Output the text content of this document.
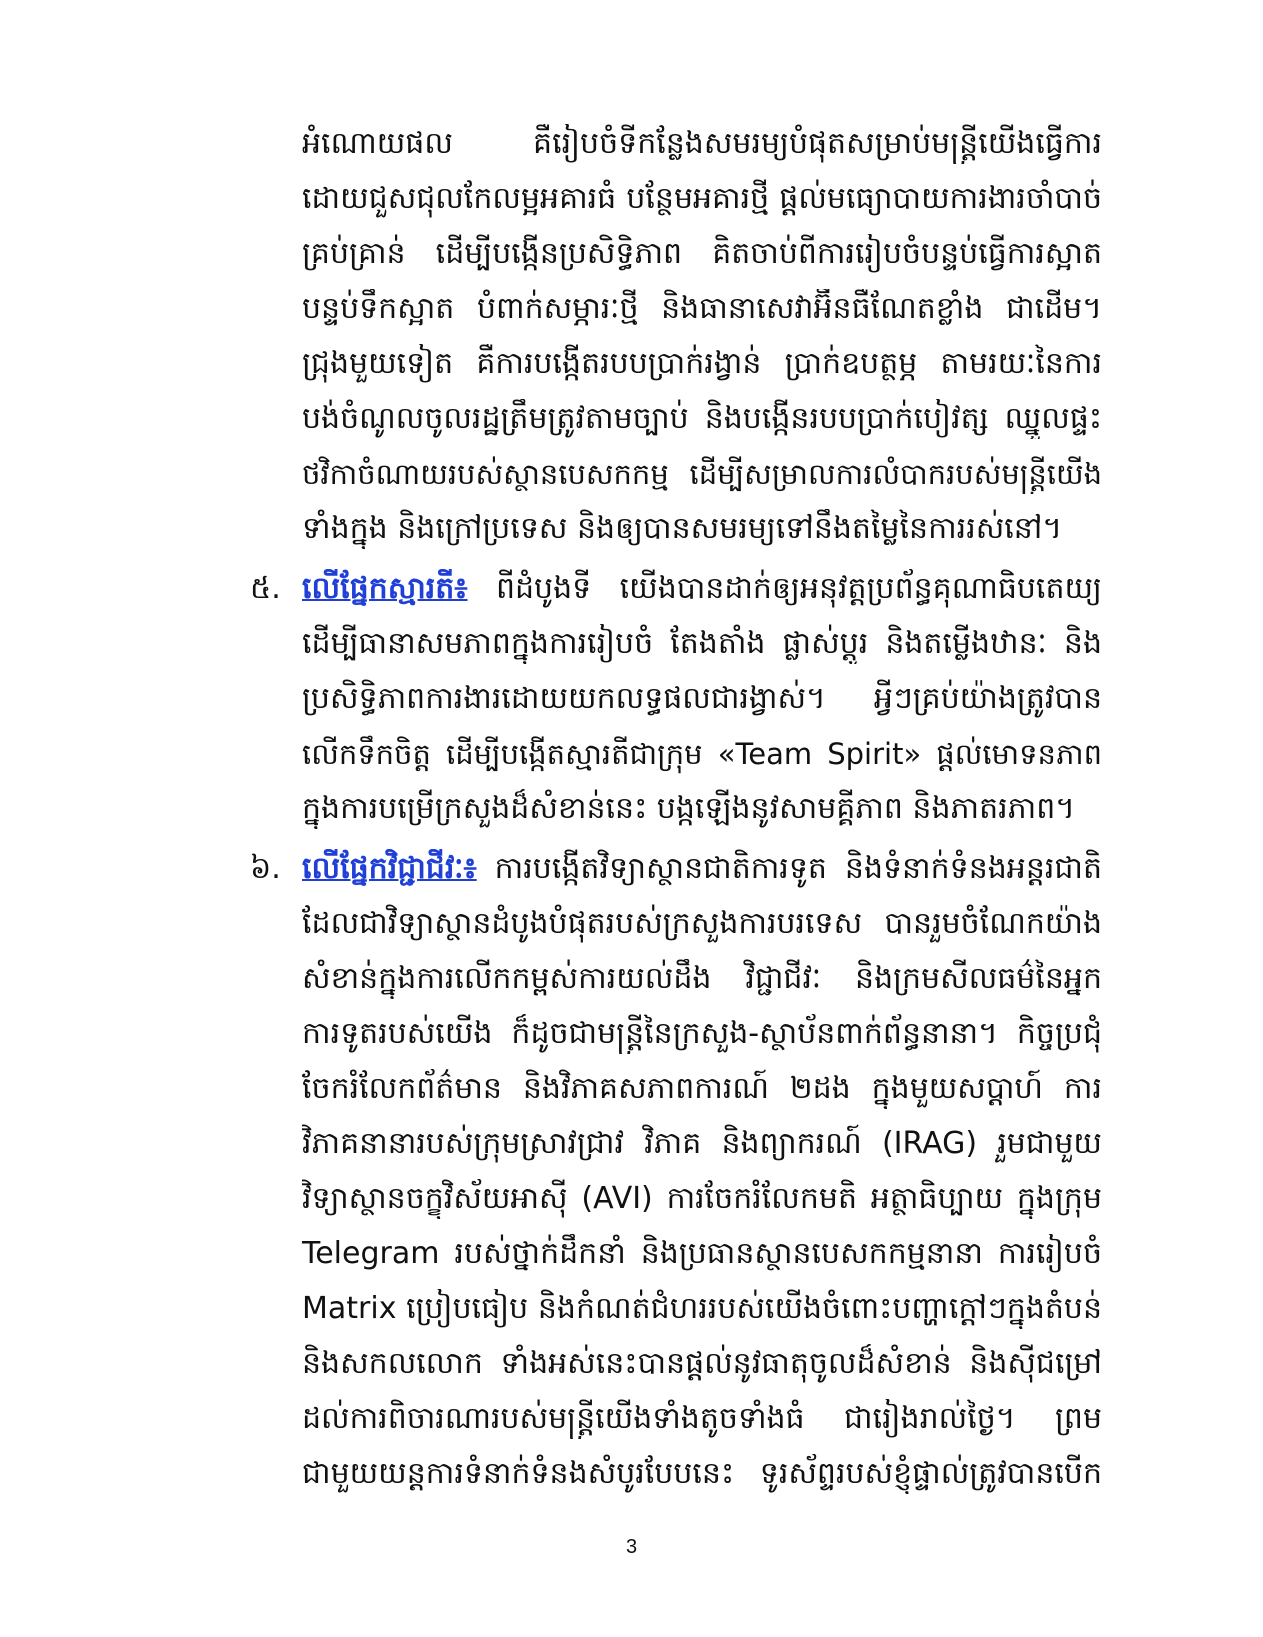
អំណោយផល គឺរៀបចំទីកន្លែងសមរម្យបំផុតសម្រាប់មន្ត្រីយើងធ្វើការ
ដោយជួសជុលកែលម្អអគារធំ បន្ថែមអគារថ្មី ផ្ដល់មធ្យោបាយការងារចាំបាច់
គ្រប់គ្រាន់ ដើម្បីបង្កើនប្រសិទ្ធិភាព គិតចាប់ពីការរៀបចំបន្ទប់ធ្វើការស្អាត
បន្ទប់ទឹកស្អាត បំពាក់សម្ភារៈថ្មី និងធានាសេវាអ៊ីនធឺណែតខ្លាំង ជាដើម។
ជ្រុងមួយទៀត គឺការបង្កើតរបបប្រាក់រង្វាន់ ប្រាក់ឧបត្ថម្ភ តាមរយៈនៃការ
បង់ចំណូលចូលរដ្ឋត្រឹមត្រូវតាមច្បាប់ និងបង្កើនរបបប្រាក់បៀវត្ស ឈ្នួលផ្ទះ
ថវិកាចំណាយរបស់ស្ថានបេសកកម្ម ដើម្បីសម្រាលការលំបាករបស់មន្ត្រីយើង
ទាំងក្នុង និងក្រៅប្រទេស និងឲ្យបានសមរម្យទៅនឹងតម្លៃនៃការរស់នៅ។
៥. លើផ្នែកស្មារតី៖ ពីដំបូងទី យើងបានដាក់ឲ្យអនុវត្តប្រព័ន្ធគុណាធិបតេយ្យ
ដើម្បីធានាសមភាពក្នុងការរៀបចំ តែងតាំង ផ្លាស់ប្ដូរ និងតម្លើងឋានៈ និង
ប្រសិទ្ធិភាពការងារដោយយកលទ្ធផលជារង្វាស់។ អ្វីៗគ្រប់យ៉ាងត្រូវបាន
លើកទឹកចិត្ត ដើម្បីបង្កើតស្មារតីជាក្រុម «Team Spirit» ផ្ដល់មោទនភាព
ក្នុងការបម្រើក្រសួងដ៏សំខាន់នេះ បង្កឡើងនូវសាមគ្គីភាព និងភាតរភាព។
៦. លើផ្នែកវិជ្ជាជីវៈ៖ ការបង្កើតវិទ្យាស្ថានជាតិការទូត និងទំនាក់ទំនងអន្តរជាតិ
ដែលជាវិទ្យាស្ថានដំបូងបំផុតរបស់ក្រសួងការបរទេស បានរួមចំណែកយ៉ាង
សំខាន់ក្នុងការលើកកម្ពស់ការយល់ដឹង វិជ្ជាជីវៈ និងក្រមសីលធម៌នៃអ្នក
ការទូតរបស់យើង ក៏ដូចជាមន្ត្រីនៃក្រសួង-ស្ថាប័នពាក់ព័ន្ធនានា។ កិច្ចប្រជុំ
ចែករំលែកព័ត៌មាន និងវិភាគសភាពការណ៍ ២ដង ក្នុងមួយសប្ដាហ៍ ការ
វិភាគនានារបស់ក្រុមស្រាវជ្រាវ វិភាគ និងព្យាករណ៍ (IRAG) រួមជាមួយ
វិទ្យាស្ថានចក្ខុវិស័យអាស៊ី (AVI) ការចែករំលែកមតិ អត្ថាធិប្បាយ ក្នុងក្រុម
Telegram របស់ថ្នាក់ដឹកនាំ និងប្រធានស្ថានបេសកកម្មនានា ការរៀបចំ
Matrix ប្រៀបធៀប និងកំណត់ជំហររបស់យើងចំពោះបញ្ហាក្ដៅៗក្នុងតំបន់
និងសកលលោក ទាំងអស់នេះបានផ្ដល់នូវធាតុចូលដ៏សំខាន់ និងស៊ីជម្រៅ
ដល់ការពិចារណារបស់មន្ត្រីយើងទាំងតូចទាំងធំ ជារៀងរាល់ថ្ងៃ។ ព្រម
ជាមួយយន្តការទំនាក់ទំនងសំបូរបែបនេះ ទូរស័ព្ទរបស់ខ្ញុំផ្ទាល់ត្រូវបានបើក
3
